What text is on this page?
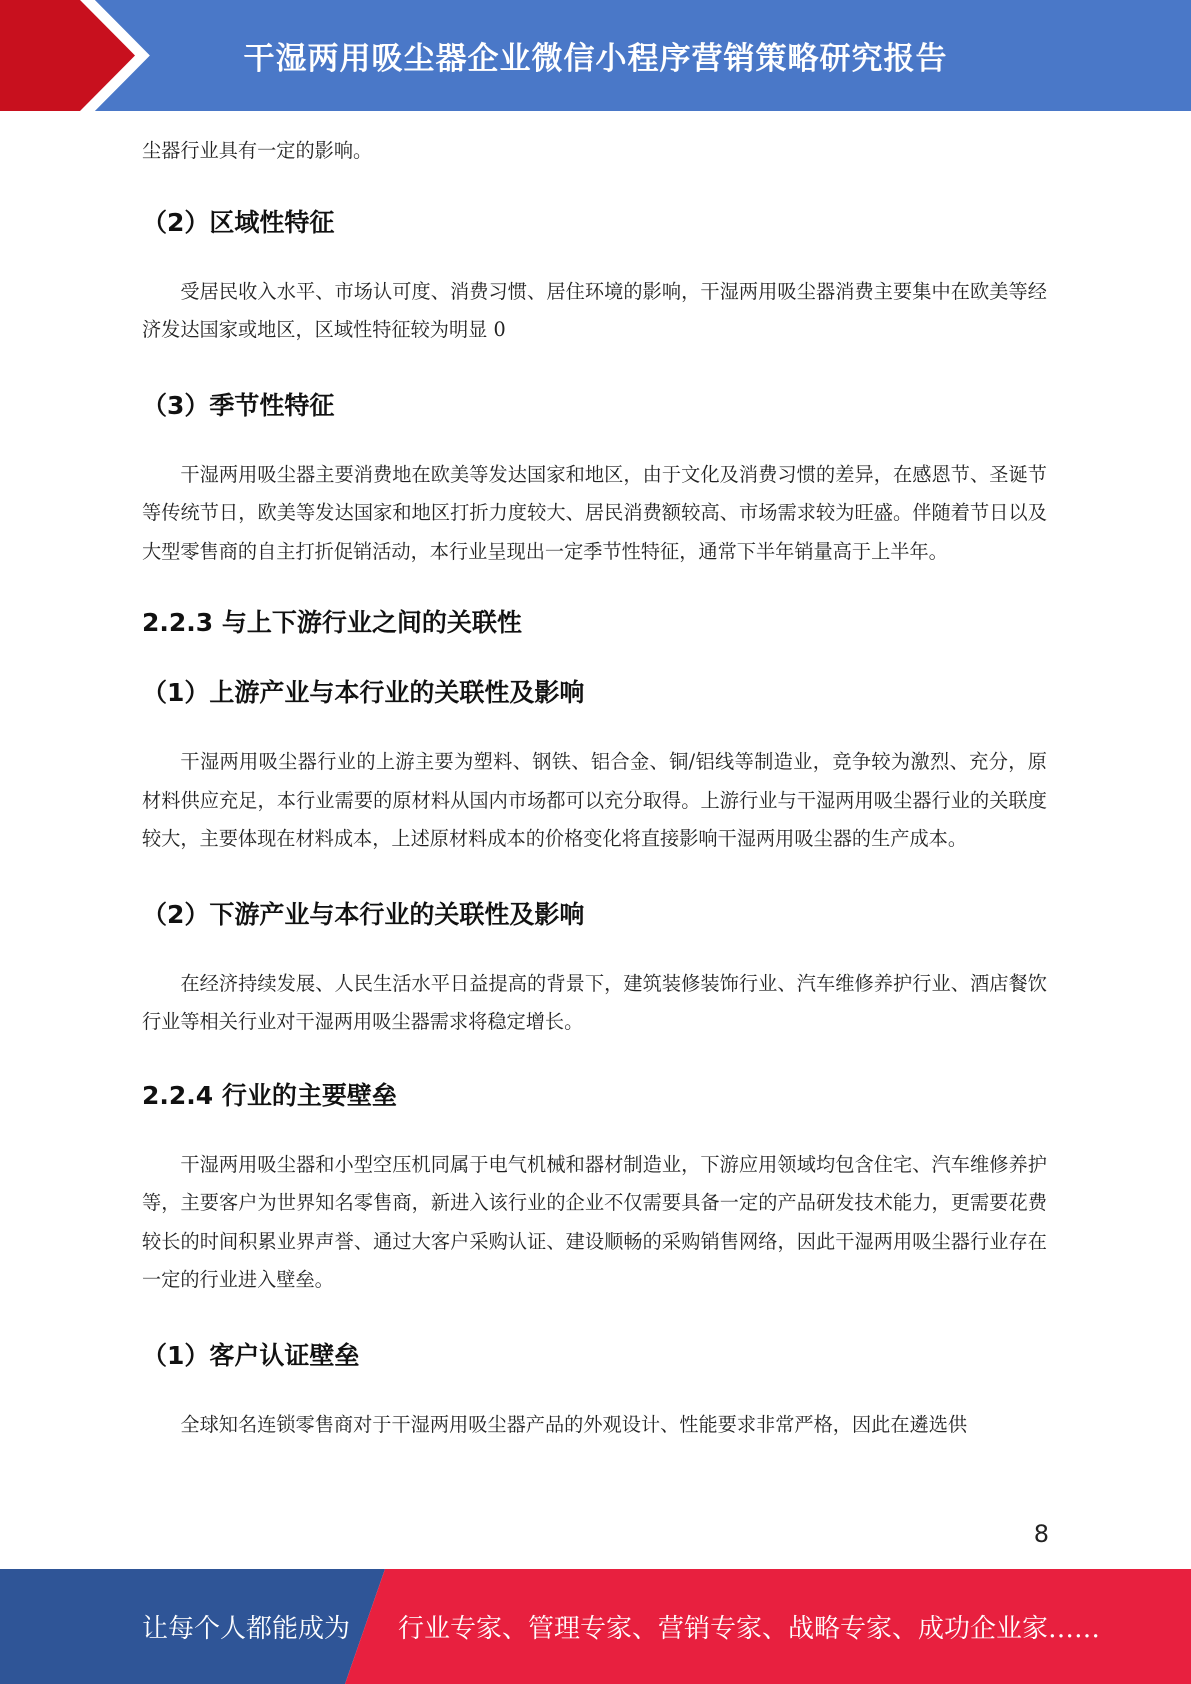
干湿两用吸尘器企业微信小程序营销策略研究报告

尘器行业具有一定的影响。

（2）区域性特征

受居民收入水平、市场认可度、消费习惯、居住环境的影响，干湿两用吸尘器消费主要集中在欧美等经济发达国家或地区，区域性特征较为明显 0

（3）季节性特征

干湿两用吸尘器主要消费地在欧美等发达国家和地区，由于文化及消费习惯的差异，在感恩节、圣诞节等传统节日，欧美等发达国家和地区打折力度较大、居民消费额较高、市场需求较为旺盛。伴随着节日以及大型零售商的自主打折促销活动，本行业呈现出一定季节性特征，通常下半年销量高于上半年。

2.2.3 与上下游行业之间的关联性
（1）上游产业与本行业的关联性及影响

干湿两用吸尘器行业的上游主要为塑料、钢铁、铝合金、铜/铝线等制造业，竞争较为激烈、充分，原材料供应充足，本行业需要的原材料从国内市场都可以充分取得。上游行业与干湿两用吸尘器行业的关联度较大，主要体现在材料成本，上述原材料成本的价格变化将直接影响干湿两用吸尘器的生产成本。

（2）下游产业与本行业的关联性及影响

在经济持续发展、人民生活水平日益提高的背景下，建筑装修装饰行业、汽车维修养护行业、酒店餐饮行业等相关行业对干湿两用吸尘器需求将稳定增长。

2.2.4 行业的主要壁垒

干湿两用吸尘器和小型空压机同属于电气机械和器材制造业，下游应用领域均包含住宅、汽车维修养护等，主要客户为世界知名零售商，新进入该行业的企业不仅需要具备一定的产品研发技术能力，更需要花费较长的时间积累业界声誉、通过大客户采购认证、建设顺畅的采购销售网络，因此干湿两用吸尘器行业存在一定的行业进入壁垒。

（1）客户认证壁垒

全球知名连锁零售商对于干湿两用吸尘器产品的外观设计、性能要求非常严格，因此在遴选供

8
让每个人都能成为 行业专家、管理专家、营销专家、战略专家、成功企业家……
